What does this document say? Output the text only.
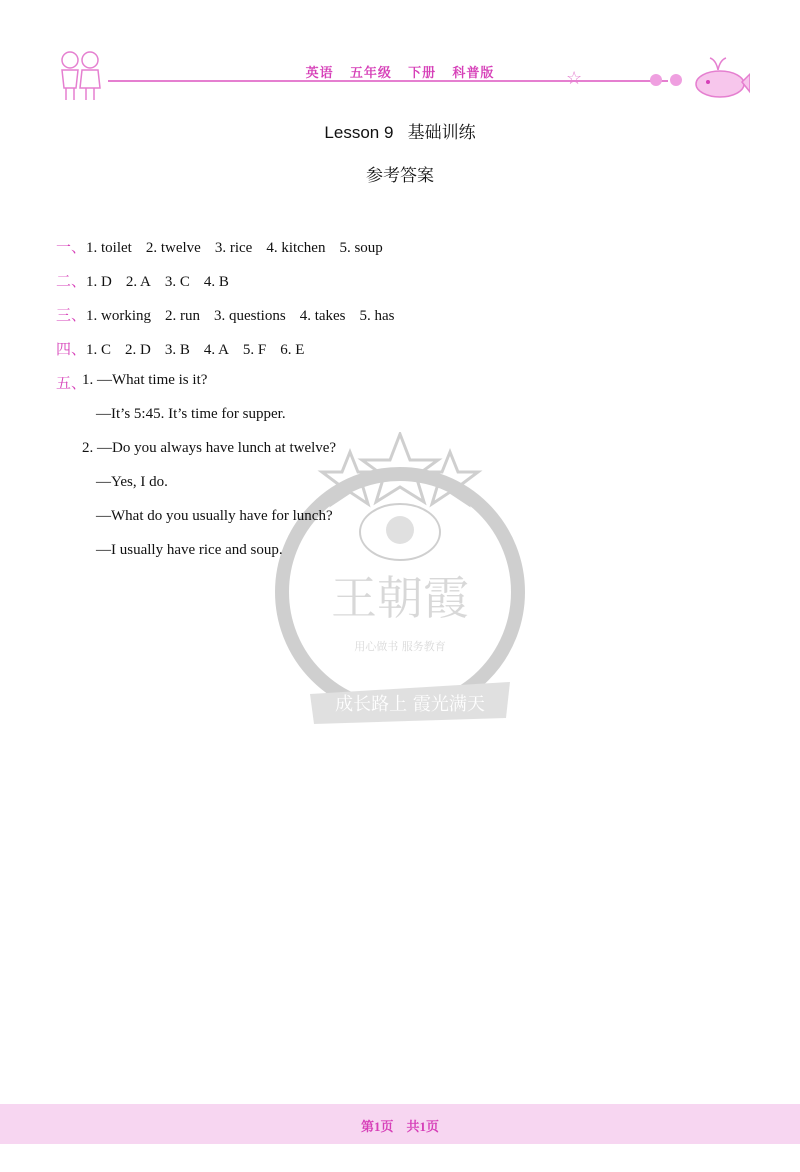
英语 五年级 下册 科普版	☆
Lesson 9   基础训练
参考答案
王朝霞
用心做书 服务教育
成长路上 霞光满天
一、1. toilet 2. twelve 3. rice 4. kitchen 5. soup
二、1. D 2. A 3. C 4. B
三、1. working 2. run 3. questions 4. takes 5. has
四、1. C 2. D 3. B 4. A 5. F 6. E
五、
1. —What time is it?
—It’s 5:45. It’s time for supper.
2. —Do you always have lunch at twelve?
—Yes, I do.
—What do you usually have for lunch?
—I usually have rice and soup.
第1页    共1页
